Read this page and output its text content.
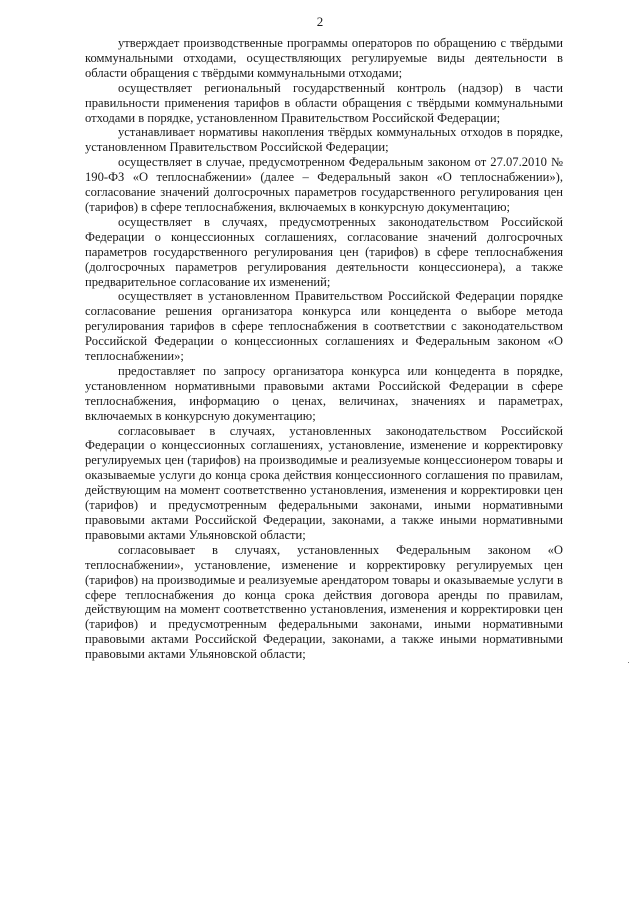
2

утверждает производственные программы операторов по обращению с твёрдыми коммунальными отходами, осуществляющих регулируемые виды деятельности в области обращения с твёрдыми коммунальными отходами;

осуществляет региональный государственный контроль (надзор) в части правильности применения тарифов в области обращения с твёрдыми коммунальными отходами в порядке, установленном Правительством Российской Федерации;

устанавливает нормативы накопления твёрдых коммунальных отходов в порядке, установленном Правительством Российской Федерации;

осуществляет в случае, предусмотренном Федеральным законом от 27.07.2010 № 190-ФЗ «О теплоснабжении» (далее – Федеральный закон «О теплоснабжении»), согласование значений долгосрочных параметров государственного регулирования цен (тарифов) в сфере теплоснабжения, включаемых в конкурсную документацию;

осуществляет в случаях, предусмотренных законодательством Российской Федерации о концессионных соглашениях, согласование значений долгосрочных параметров государственного регулирования цен (тарифов) в сфере теплоснабжения (долгосрочных параметров регулирования деятельности концессионера), а также предварительное согласование их изменений;

осуществляет в установленном Правительством Российской Федерации порядке согласование решения организатора конкурса или концедента о выборе метода регулирования тарифов в сфере теплоснабжения в соответствии с законодательством Российской Федерации о концессионных соглашениях и Федеральным законом «О теплоснабжении»;

предоставляет по запросу организатора конкурса или концедента в порядке, установленном нормативными правовыми актами Российской Федерации в сфере теплоснабжения, информацию о ценах, величинах, значениях и параметрах, включаемых в конкурсную документацию;

согласовывает в случаях, установленных законодательством Российской Федерации о концессионных соглашениях, установление, изменение и корректировку регулируемых цен (тарифов) на производимые и реализуемые концессионером товары и оказываемые услуги до конца срока действия концессионного соглашения по правилам, действующим на момент соответственно установления, изменения и корректировки цен (тарифов) и предусмотренным федеральными законами, иными нормативными правовыми актами Российской Федерации, законами, а также иными нормативными правовыми актами Ульяновской области;

согласовывает в случаях, установленных Федеральным законом «О теплоснабжении», установление, изменение и корректировку регулируемых цен (тарифов) на производимые и реализуемые арендатором товары и оказываемые услуги в сфере теплоснабжения до конца срока действия договора аренды по правилам, действующим на момент соответственно установления, изменения и корректировки цен (тарифов) и предусмотренным федеральными законами, иными нормативными правовыми актами Российской Федерации, законами, а также иными нормативными правовыми актами Ульяновской области;
